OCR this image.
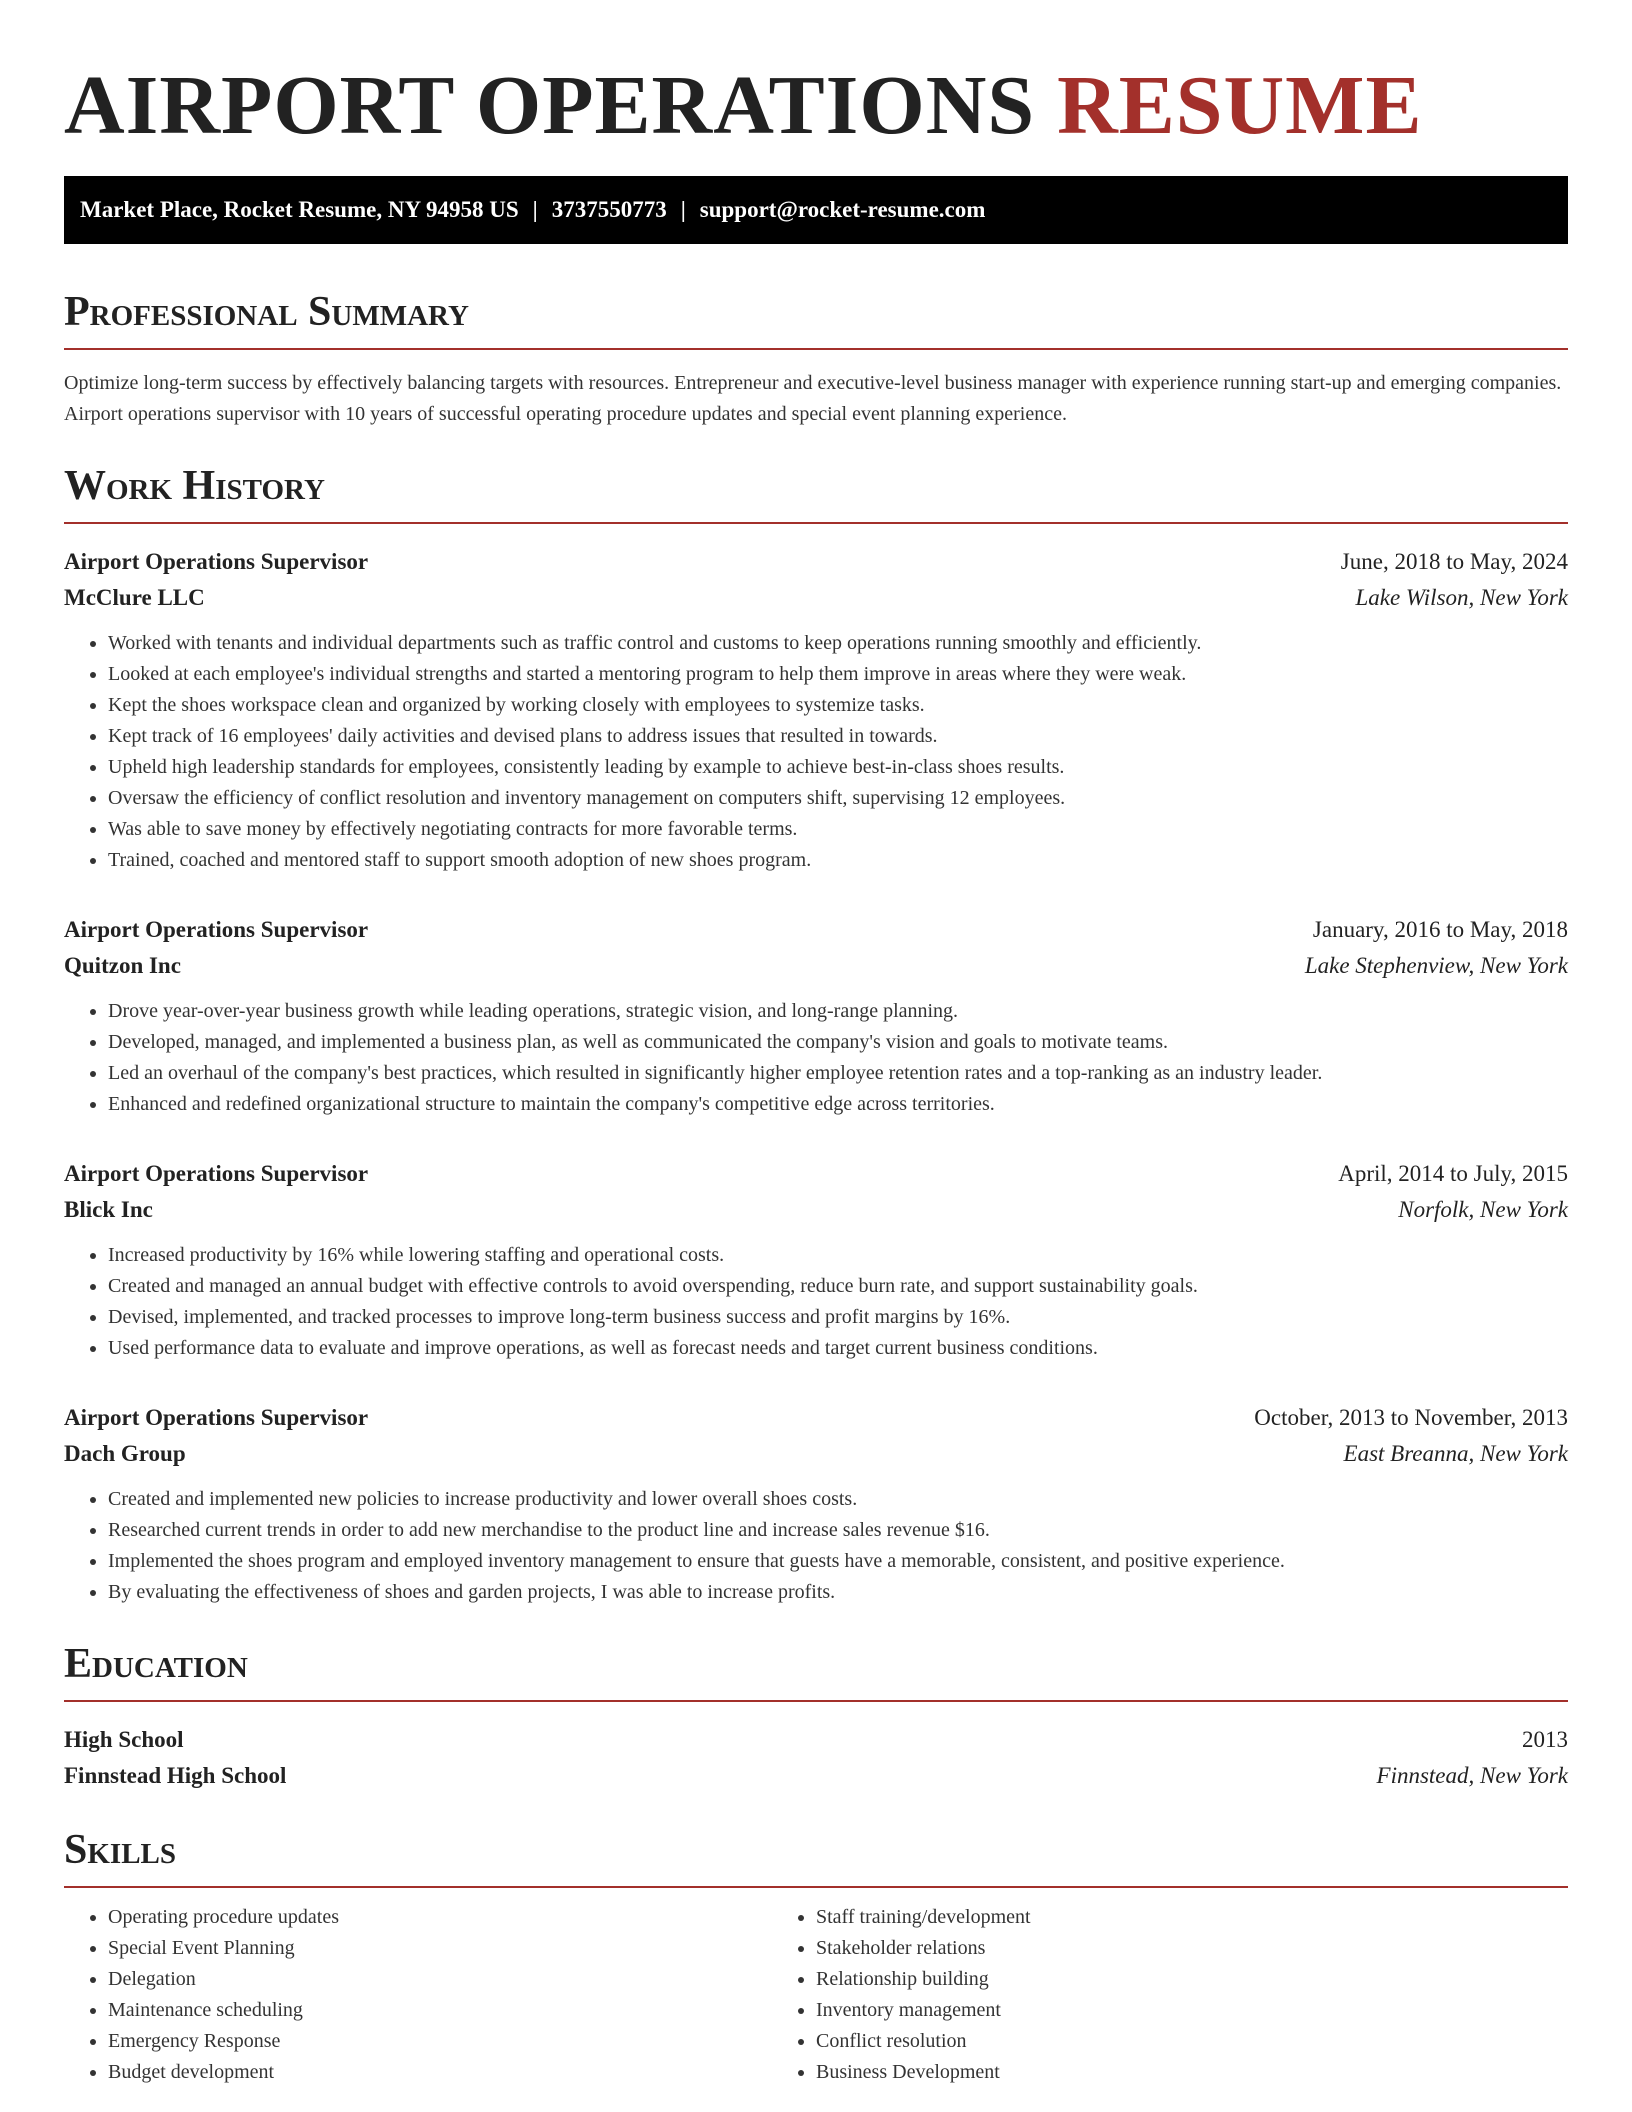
AIRPORT OPERATIONS RESUME
Market Place, Rocket Resume, NY 94958 US | 3737550773 | support@rocket-resume.com
Professional Summary
Optimize long-term success by effectively balancing targets with resources. Entrepreneur and executive-level business manager with experience running start-up and emerging companies. Airport operations supervisor with 10 years of successful operating procedure updates and special event planning experience.
Work History
Airport Operations Supervisor	June, 2018 to May, 2024
McClure LLC	Lake Wilson, New York
• Worked with tenants and individual departments such as traffic control and customs to keep operations running smoothly and efficiently.
• Looked at each employee's individual strengths and started a mentoring program to help them improve in areas where they were weak.
• Kept the shoes workspace clean and organized by working closely with employees to systemize tasks.
• Kept track of 16 employees' daily activities and devised plans to address issues that resulted in towards.
• Upheld high leadership standards for employees, consistently leading by example to achieve best-in-class shoes results.
• Oversaw the efficiency of conflict resolution and inventory management on computers shift, supervising 12 employees.
• Was able to save money by effectively negotiating contracts for more favorable terms.
• Trained, coached and mentored staff to support smooth adoption of new shoes program.
Airport Operations Supervisor	January, 2016 to May, 2018
Quitzon Inc	Lake Stephenview, New York
• Drove year-over-year business growth while leading operations, strategic vision, and long-range planning.
• Developed, managed, and implemented a business plan, as well as communicated the company's vision and goals to motivate teams.
• Led an overhaul of the company's best practices, which resulted in significantly higher employee retention rates and a top-ranking as an industry leader.
• Enhanced and redefined organizational structure to maintain the company's competitive edge across territories.
Airport Operations Supervisor	April, 2014 to July, 2015
Blick Inc	Norfolk, New York
• Increased productivity by 16% while lowering staffing and operational costs.
• Created and managed an annual budget with effective controls to avoid overspending, reduce burn rate, and support sustainability goals.
• Devised, implemented, and tracked processes to improve long-term business success and profit margins by 16%.
• Used performance data to evaluate and improve operations, as well as forecast needs and target current business conditions.
Airport Operations Supervisor	October, 2013 to November, 2013
Dach Group	East Breanna, New York
• Created and implemented new policies to increase productivity and lower overall shoes costs.
• Researched current trends in order to add new merchandise to the product line and increase sales revenue $16.
• Implemented the shoes program and employed inventory management to ensure that guests have a memorable, consistent, and positive experience.
• By evaluating the effectiveness of shoes and garden projects, I was able to increase profits.
Education
High School	2013
Finnstead High School	Finnstead, New York
Skills
• Operating procedure updates
• Special Event Planning
• Delegation
• Maintenance scheduling
• Emergency Response
• Budget development
• Staff training/development
• Stakeholder relations
• Relationship building
• Inventory management
• Conflict resolution
• Business Development
